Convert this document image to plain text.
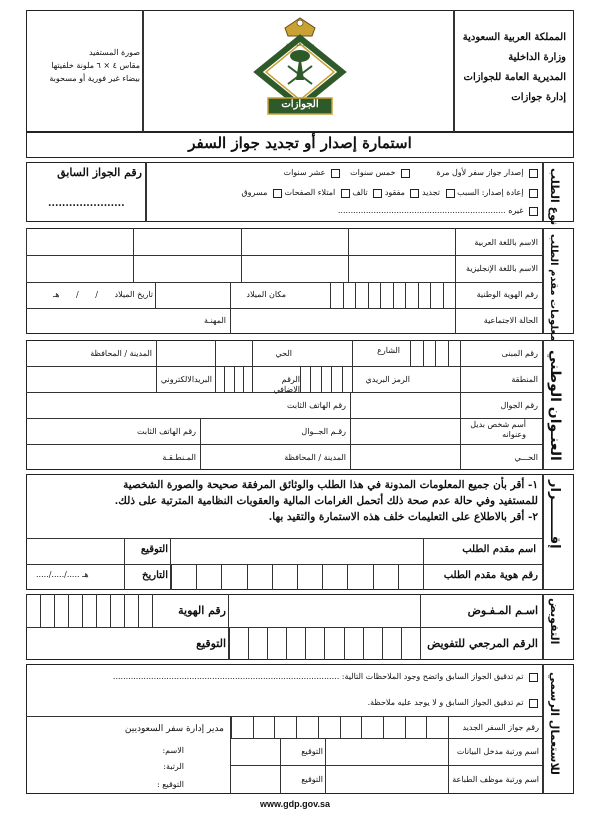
المملكة العربية السعودية
وزارة الداخلية
المديرية العامة للجوازات
إدارة جوازات
صورة المستفيد
مقاس ٤ × ٦ ملونة خلفيتها
بيضاء غير فورية أو مسحوبة
الجوازات
وزارة الداخلية
استمارة إصدار أو تجديد جواز السفر
نوع الطلب
إصدار جواز سفر لأول مرة
خمس سنوات     عشر سنوات
إعادة إصدار: السبب  تجديد  مفقود  تالف  امتلاء الصفحات  مسروق
غيره ..................................................................
رقم الجواز السابق
......................
معلومات مقدم الطلب
الاسم باللغة العربية
الاسم باللغة الإنجليزية
رقم الهوية الوطنية
مكان الميلاد
تاريخ الميلاد
/ / هـ
الحالة الاجتماعية
المهنـة
العنـوان الوطني
رقم المبنى
الشارع
الحي
المدينة / المحافظة
المنطقة
الرمز البريدي
الرقم الاضافي
البريدالالكتروني
رقم الجوال
رقم الهاتف الثابت
أسم شخص بديل وعنوانه
رقـم الجــوال
رقم الهاتف الثابت
الحـــي
المدينة / المحافظة
المـنطـقـة
إقــــــــرار
١- أقر بأن جميع المعلومات المدونة في هذا الطلب والوثائق المرفقة صحيحة والصورة الشخصية
للمستفيد وفي حالة عدم صحة ذلك أتحمل الغرامات المالية والعقوبات النظامية المترتبة على ذلك.
٢- أقر بالاطلاع على التعليمات خلف هذه الاستمارة والتقيد بها.
اسم مقدم الطلب
التوقيع
رقم هوية مقدم الطلب
التاريخ
...../...../..... هـ
التفويض
اسـم المـفـوض
رقم الهوية
الرقم المرجعي للتفويض
التوقيع
للاستعمال الرسمي
تم تدقيق الجواز السابق واتضح وجود الملاحظات التالية: .........................................................................................
تم تدقيق الجواز السابق و لا يوجد عليه ملاحظة.
رقم جواز السفر الجديد
اسم ورتبة مدخل البيانات
اسم ورتبة موظف الطباعة
التوقيع
التوقيع
مدير إدارة سفر السعوديين
الاسم:
الرتبة:
التوقيع :
www.gdp.gov.sa
